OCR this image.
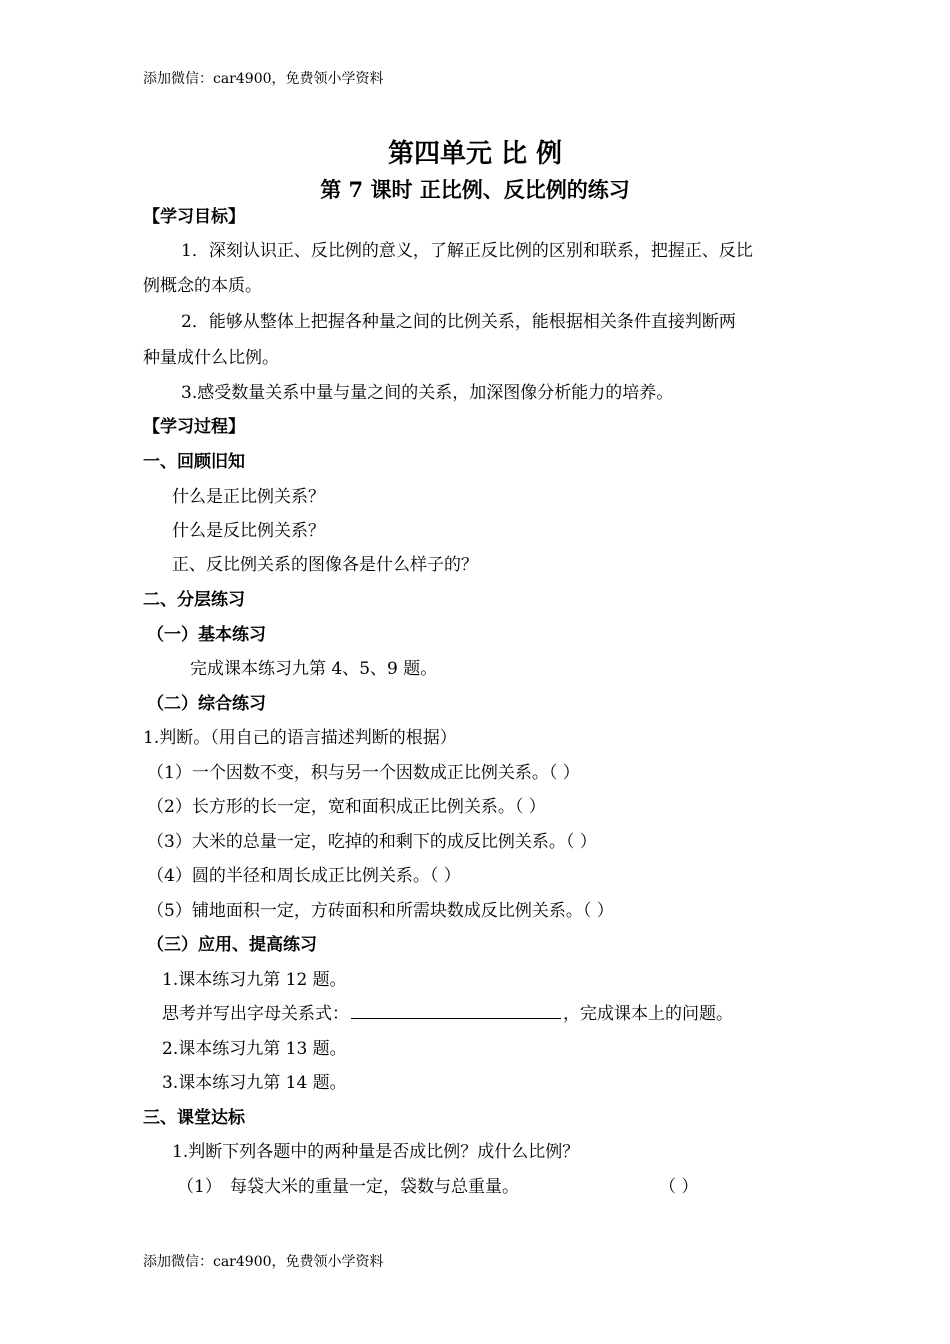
添加微信：car4900，免费领小学资料
第四单元 比 例
第 7 课时 正比例、反比例的练习
【学习目标】
1．深刻认识正、反比例的意义，了解正反比例的区别和联系，把握正、反比
例概念的本质。
2．能够从整体上把握各种量之间的比例关系，能根据相关条件直接判断两
种量成什么比例。
3.感受数量关系中量与量之间的关系，加深图像分析能力的培养。
【学习过程】
一、回顾旧知
什么是正比例关系？
什么是反比例关系？
正、反比例关系的图像各是什么样子的？
二、分层练习
（一）基本练习
完成课本练习九第 4、5、9 题。
（二）综合练习
1.判断。（用自己的语言描述判断的根据）
（1）一个因数不变，积与另一个因数成正比例关系。（ ）
（2）长方形的长一定，宽和面积成正比例关系。（ ）
（3）大米的总量一定，吃掉的和剩下的成反比例关系。（ ）
（4）圆的半径和周长成正比例关系。（ ）
（5）铺地面积一定，方砖面积和所需块数成反比例关系。（ ）
（三）应用、提高练习
1.课本练习九第 12 题。
思考并写出字母关系式：	，完成课本上的问题。
2.课本练习九第 13 题。
3.课本练习九第 14 题。
三、课堂达标
1.判断下列各题中的两种量是否成比例？成什么比例？
（1） 每袋大米的重量一定，袋数与总重量。	（ ）
添加微信：car4900，免费领小学资料
